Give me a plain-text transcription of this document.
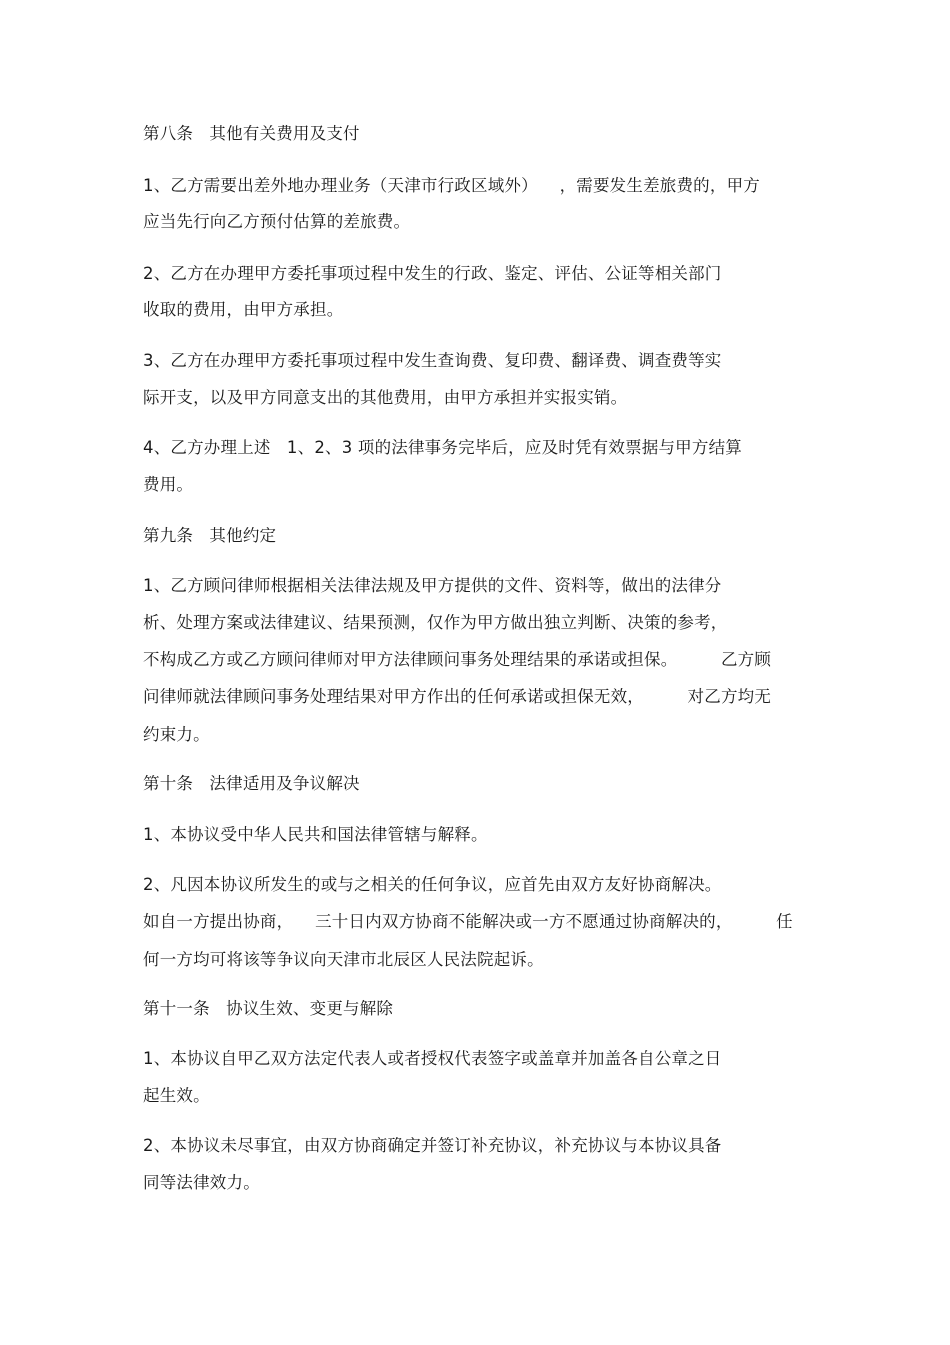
第八条   其他有关费用及支付
1、乙方需要出差外地办理业务（天津市行政区域外）    ，需要发生差旅费的，甲方
应当先行向乙方预付估算的差旅费。
2、乙方在办理甲方委托事项过程中发生的行政、鉴定、评估、公证等相关部门
收取的费用，由甲方承担。
3、乙方在办理甲方委托事项过程中发生查询费、复印费、翻译费、调查费等实
际开支，以及甲方同意支出的其他费用，由甲方承担并实报实销。
4、乙方办理上述   1、2、3 项的法律事务完毕后，应及时凭有效票据与甲方结算
费用。
第九条   其他约定
1、乙方顾问律师根据相关法律法规及甲方提供的文件、资料等，做出的法律分
析、处理方案或法律建议、结果预测，仅作为甲方做出独立判断、决策的参考，
不构成乙方或乙方顾问律师对甲方法律顾问事务处理结果的承诺或担保。        乙方顾
问律师就法律顾问事务处理结果对甲方作出的任何承诺或担保无效，        对乙方均无
约束力。
第十条   法律适用及争议解决
1、本协议受中华人民共和国法律管辖与解释。
2、凡因本协议所发生的或与之相关的任何争议，应首先由双方友好协商解决。
如自一方提出协商，    三十日内双方协商不能解决或一方不愿通过协商解决的，        任
何一方均可将该等争议向天津市北辰区人民法院起诉。
第十一条   协议生效、变更与解除
1、本协议自甲乙双方法定代表人或者授权代表签字或盖章并加盖各自公章之日
起生效。
2、本协议未尽事宜，由双方协商确定并签订补充协议，补充协议与本协议具备
同等法律效力。
